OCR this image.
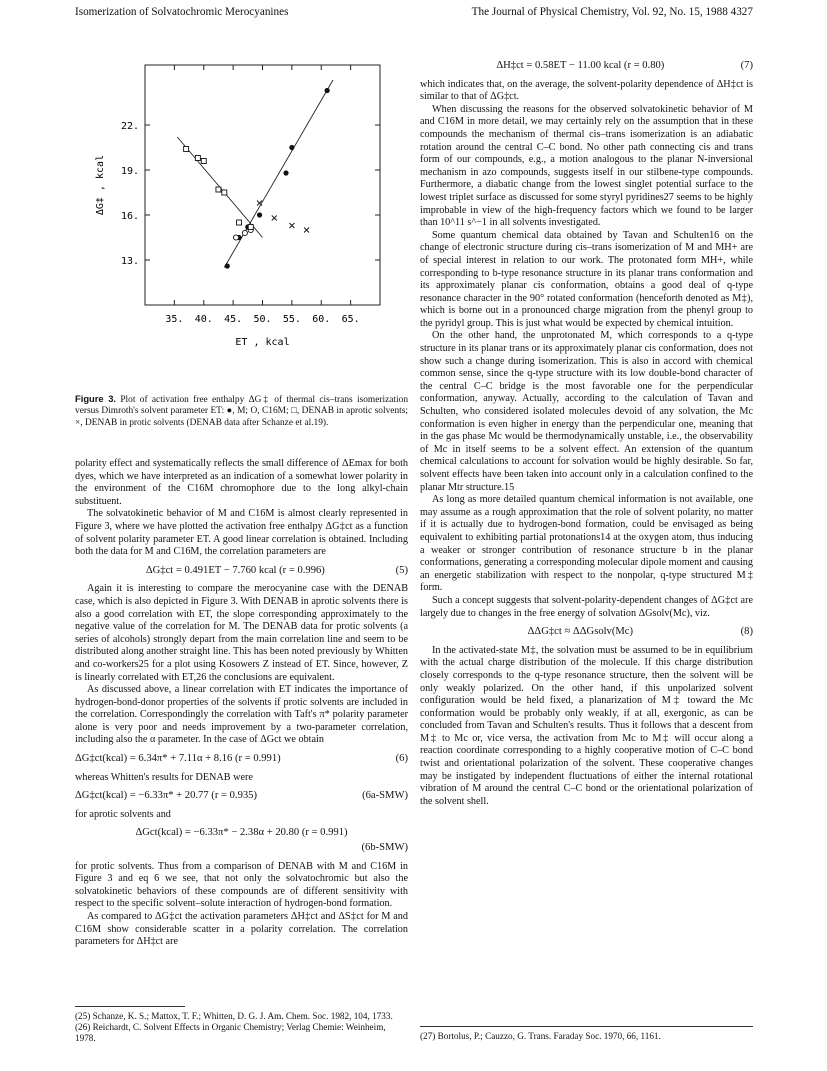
Isomerization of Solvatochromic Merocyanines	The Journal of Physical Chemistry, Vol. 92, No. 15, 1988 4327
22.
19.
16.
13.
35. 40. 45. 50. 55. 60. 65.
ET , kcal
ΔG‡ , kcal
Figure 3. Plot of activation free enthalpy ΔG‡ of thermal cis–trans isomerization versus Dimroth's solvent parameter ET: ●, M; O, C16M; □, DENAB in aprotic solvents; ×, DENAB in protic solvents (DENAB data after Schanze et al.19).

polarity effect and systematically reflects the small difference of ΔEmax for both dyes, which we have interpreted as an indication of a somewhat lower polarity in the environment of the C16M chromophore due to the long alkyl-chain substituent.

The solvatokinetic behavior of M and C16M is almost clearly represented in Figure 3, where we have plotted the activation free enthalpy ΔG‡ct as a function of solvent polarity parameter ET. A good linear correlation is obtained. Including both the data for M and C16M, the correlation parameters are

ΔG‡ct = 0.491ET − 7.760 kcal (r = 0.996)	(5)

Again it is interesting to compare the merocyanine case with the DENAB case, which is also depicted in Figure 3. With DENAB in aprotic solvents there is also a good correlation with ET, the slope corresponding approximately to the negative value of the correlation for M. The DENAB data for protic solvents (a series of alcohols) strongly depart from the main correlation line and seem to be distributed along another straight line. This has been noted previously by Whitten and co-workers25 for a plot using Kosowers Z instead of ET. Since, however, Z is linearly correlated with ET,26 the conclusions are equivalent.

As discussed above, a linear correlation with ET indicates the importance of hydrogen-bond-donor properties of the solvents if protic solvents are included in the correlation. Correspondingly the correlation with Taft's π* polarity parameter alone is very poor and needs improvement by a two-parameter correlation, including also the α parameter. In the case of ΔGct we obtain

ΔG‡ct(kcal) = 6.34π* + 7.11α + 8.16 (r = 0.991)	(6)

whereas Whitten's results for DENAB were

ΔG‡ct(kcal) = −6.33π* + 20.77 (r = 0.935)	(6a-SMW)

for aprotic solvents and

ΔGct(kcal) = −6.33π* − 2.38α + 20.80 (r = 0.991)
(6b-SMW)

for protic solvents. Thus from a comparison of DENAB with M and C16M in Figure 3 and eq 6 we see, that not only the solvatochromic but also the solvatokinetic behaviors of these compounds are of different sensitivity with respect to the specific solvent–solute interaction of hydrogen-bond formation.

As compared to ΔG‡ct the activation parameters ΔH‡ct and ΔS‡ct for M and C16M show considerable scatter in a polarity correlation. The correlation parameters for ΔH‡ct are

(25) Schanze, K. S.; Mattox, T. F.; Whitten, D. G. J. Am. Chem. Soc. 1982, 104, 1733.
(26) Reichardt, C. Solvent Effects in Organic Chemistry; Verlag Chemie: Weinheim, 1978.
ΔH‡ct = 0.58ET − 11.00 kcal (r = 0.80)	(7)

which indicates that, on the average, the solvent-polarity dependence of ΔH‡ct is similar to that of ΔG‡ct.

When discussing the reasons for the observed solvatokinetic behavior of M and C16M in more detail, we may certainly rely on the assumption that in these compounds the mechanism of thermal cis–trans isomerization is an adiabatic rotation around the central C–C bond. No other path connecting cis and trans form of our compounds, e.g., a motion analogous to the planar N-inversional mechanism in azo compounds, suggests itself in our stilbene-type compounds. Furthermore, a diabatic change from the lowest singlet potential surface to the lowest triplet surface as discussed for some styryl pyridines27 seems to be highly improbable in view of the high-frequency factors which we found to be larger than 10^11 s^−1 in all solvents investigated.

Some quantum chemical data obtained by Tavan and Schulten16 on the change of electronic structure during cis–trans isomerization of M and MH+ are of special interest in relation to our work. The protonated form MH+, while corresponding to b-type resonance structure in its planar trans conformation and its approximately planar cis conformation, obtains a good deal of q-type resonance character in the 90° rotated conformation (henceforth denoted as M‡), which is borne out in a pronounced charge migration from the phenyl group to the pyridyl group. This is just what would be expected by chemical intuition.

On the other hand, the unprotonated M, which corresponds to a q-type structure in its planar trans or its approximately planar cis conformation, does not show such a change during isomerization. This is also in accord with chemical common sense, since the q-type structure with its low double-bond character of the central C–C bridge is the most favorable one for the perpendicular conformation, anyway. Actually, according to the calculation of Tavan and Schulten, who considered isolated molecules devoid of any solvation, the Mc conformation is even higher in energy than the perpendicular one, meaning that in the gas phase Mc would be thermodynamically unstable, i.e., the observability of Mc in itself seems to be a solvent effect. An extension of the quantum chemical calculations to account for solvation would be highly desirable. So far, solvent effects have been taken into account only in a calculation confined to the planar Mtr structure.15

As long as more detailed quantum chemical information is not available, one may assume as a rough approximation that the role of solvent polarity, no matter if it is actually due to hydrogen-bond formation, could be envisaged as being equivalent to exhibiting partial protonations14 at the oxygen atom, thus inducing a weaker or stronger contribution of resonance structure b in the planar conformations, generating a corresponding molecular dipole moment and causing an energetic stabilization with respect to the nonpolar, q-type structured M‡ form.

Such a concept suggests that solvent-polarity-dependent changes of ΔG‡ct are largely due to changes in the free energy of solvation ΔGsolv(Mc), viz.

ΔΔG‡ct ≈ ΔΔGsolv(Mc)	(8)

In the activated-state M‡, the solvation must be assumed to be in equilibrium with the actual charge distribution of the molecule. If this charge distribution closely corresponds to the q-type resonance structure, then the solvent will be only weakly polarized. On the other hand, if this unpolarized solvent configuration would be held fixed, a planarization of M‡ toward the Mc conformation would be probably only weakly, if at all, exergonic, as can be concluded from Tavan and Schulten's results. Thus it follows that a descent from M‡ to Mc or, vice versa, the activation from Mc to M‡ will occur along a reaction coordinate corresponding to a highly cooperative motion of C–C bond twist and orientational polarization of the solvent. These cooperative changes may be instigated by independent fluctuations of either the internal rotational vibration of M around the central C–C bond or the orientational polarization of the solvent shell.

(27) Bortolus, P.; Cauzzo, G. Trans. Faraday Soc. 1970, 66, 1161.
